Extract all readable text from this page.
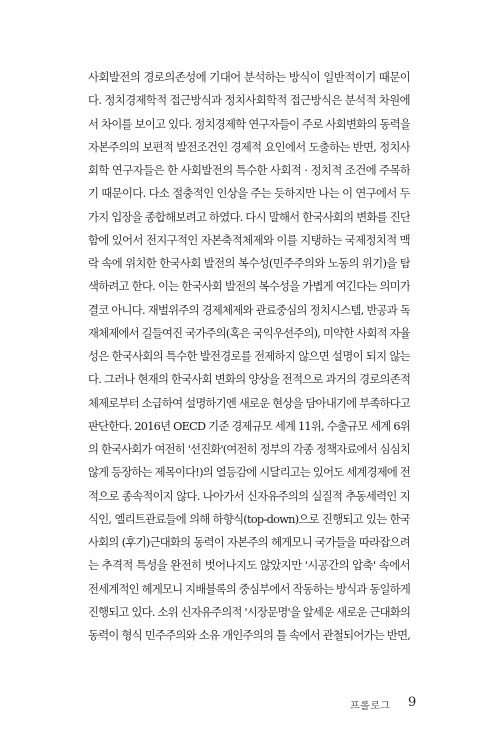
사회발전의 경로의존성에 기대어 분석하는 방식이 일반적이기 때문이
다. 정치경제학적 접근방식과 정치사회학적 접근방식은 분석적 차원에
서 차이를 보이고 있다. 정치경제학 연구자들이 주로 사회변화의 동력을
자본주의의 보편적 발전조건인 경제적 요인에서 도출하는 반면, 정치사
회학 연구자들은 한 사회발전의 특수한 사회적 · 정치적 조건에 주목하
기 때문이다. 다소 절충적인 인상을 주는 듯하지만 나는 이 연구에서 두
가지 입장을 종합해보려고 하였다. 다시 말해서 한국사회의 변화를 진단
함에 있어서 전지구적인 자본축적체제와 이를 지탱하는 국제정치적 맥
락 속에 위치한 한국사회 발전의 복수성(민주주의와 노동의 위기)을 탐
색하려고 한다. 이는 한국사회 발전의 복수성을 가볍게 여긴다는 의미가
결코 아니다. 재벌위주의 경제체제와 관료중심의 정치시스템, 반공과 독
재체제에서 길들여진 국가주의(혹은 국익우선주의), 미약한 사회적 자율
성은 한국사회의 특수한 발전경로를 전제하지 않으면 설명이 되지 않는
다. 그러나 현재의 한국사회 변화의 양상을 전적으로 과거의 경로의존적
체제로부터 소급하여 설명하기엔 새로운 현상을 담아내기에 부족하다고
판단한다. 2016년 OECD 기준 경제규모 세계 11위, 수출규모 세계 6위
의 한국사회가 여전히 '선진화'(여전히 정부의 각종 정책자료에서 심심치
않게 등장하는 제목이다!)의 열등감에 시달리고는 있어도 세계경제에 전
적으로 종속적이지 않다. 나아가서 신자유주의의 실질적 추동세력인 지
식인, 엘리트관료들에 의해 하향식(top-down)으로 진행되고 있는 한국
사회의 (후기)근대화의 동력이 자본주의 헤게모니 국가들을 따라잡으려
는 추격적 특성을 완전히 벗어나지도 않았지만 '시공간의 압축' 속에서
전세계적인 헤게모니 지배블록의 중심부에서 작동하는 방식과 동일하게
진행되고 있다. 소위 신자유주의적 '시장문명'을 앞세운 새로운 근대화의
동력이 형식 민주주의와 소유 개인주의의 틀 속에서 관철되어가는 반면,
프롤로그 9
